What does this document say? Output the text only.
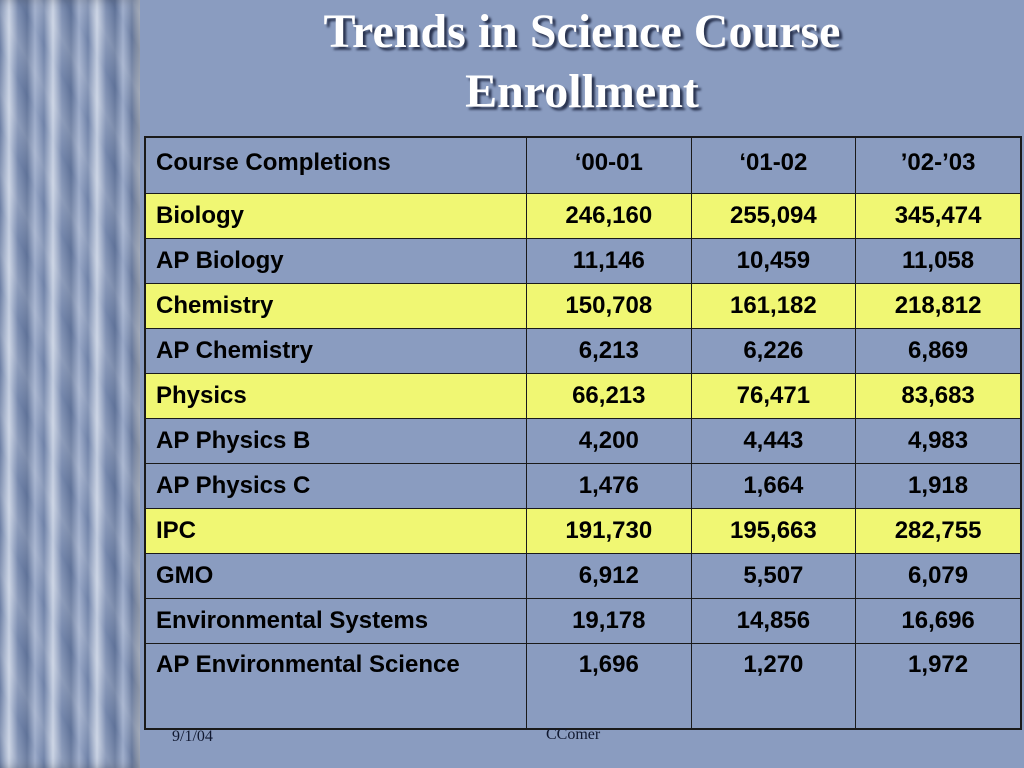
Trends in Science Course
Enrollment
Course Completions	‘00-01	‘01-02	’02-’03
Biology	246,160	255,094	345,474
AP Biology	11,146	10,459	11,058
Chemistry	150,708	161,182	218,812
AP Chemistry	6,213	6,226	6,869
Physics	66,213	76,471	83,683
AP Physics B	4,200	4,443	4,983
AP Physics C	1,476	1,664	1,918
IPC	191,730	195,663	282,755
GMO	6,912	5,507	6,079
Environmental Systems	19,178	14,856	16,696
AP Environmental Science	1,696	1,270	1,972
9/1/04	CComer
